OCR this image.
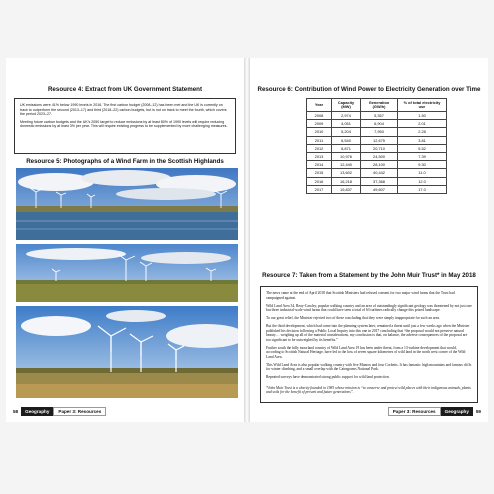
Resource 4: Extract from UK Government Statement

UK emissions were 41% below 1990 levels in 2016. The first carbon budget (2008–12) has been met and the UK is currently on track to outperform the second (2013–17) and third (2018–22) carbon budgets, but is not on track to meet the fourth, which covers the period 2023–27.

Meeting future carbon budgets and the UK’s 2050 target to reduce emissions by at least 80% of 1990 levels will require reducing domestic emissions by at least 3% per year. This will require existing progress to be supplemented by more challenging measures.

Resource 5: Photographs of a Wind Farm in the Scottish Highlands
58	Geography	Paper 3: Resources
Resource 6: Contribution of Wind Power to Electricity Generation over Time
Year	Capacity (MW)	Generation (GW/h)	% of total electricity use
2008	2,974	5,357	1.50
2009	4,051	6,904	2.01
2010	5,204	7,950	2.28
2011	6,540	12,675	3.81
2012	8,871	20,710	5.52
2013	10,976	24,500	7.39
2014	12,440	28,100	9.30
2015	13,602	40,442	11.0
2016	16,218	37,368	12.0
2017	19,837	49,607	17.0
Resource 7: Taken from a Statement by the John Muir Trust* in May 2018

The news came at the end of April 2018 that Scottish Ministers had refused consent for two major wind farms that the Trust had campaigned against.

Wild Land Area 34, Reay-Cassley, popular walking country and an area of outstandingly significant geology was threatened by not just one but three industrial-scale wind farms that could have seen a total of 63 turbines radically change this prized landscape.

To our great relief, the Minister rejected two of these concluding that they were simply inappropriate for such an area.

But the third development, which had come into the planning system later, remained a threat until just a few weeks ago when the Minister published his decision following a Public Local Inquiry into this one in 2017 concluding that “the proposal would not preserve natural beauty… weighing up all of the material considerations, my conclusion is that, on balance, the adverse consequences of the proposal are too significant to be outweighed by its benefits.”

Further south the hilly moorland country of Wild Land Area 19 has been under threat, from a 13-turbine development that would, according to Scottish Natural Heritage, have led to the loss of seven square kilometres of wild land in the north west corner of the Wild Land Area.

This Wild Land Area is also popular walking country with five Munros and four Corbetts. It has fantastic high mountains and famous cliffs for winter climbing, and a small overlap with the Cairngorms National Park.

Repeated surveys have demonstrated strong public support for wild land protection.

*John Muir Trust is a charity founded in 1983 whose mission is “to conserve and protect wild places with their indigenous animals, plants and soils for the benefit of present and future generations”.

Paper 3: Resources	Geography	59
